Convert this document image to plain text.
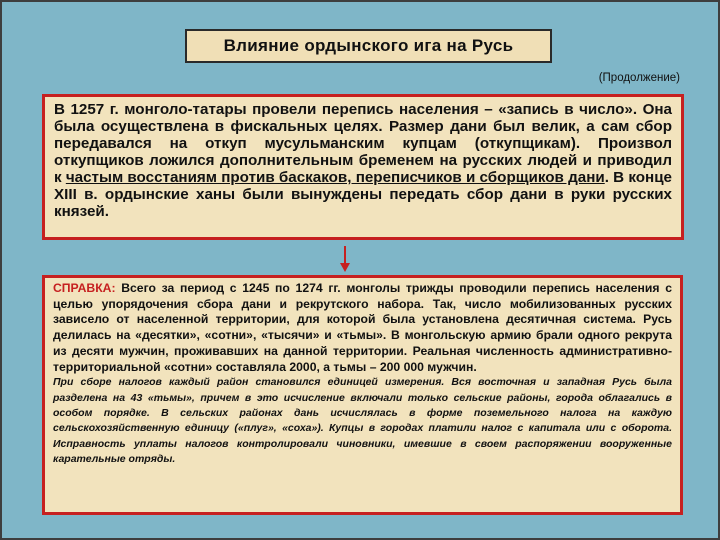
Влияние ордынского ига на Русь
(Продолжение)

В 1257 г. монголо-татары провели перепись населения – «запись в число». Она была осуществлена в фискальных целях. Размер дани был велик, а сам сбор передавался на откуп мусульманским купцам (откупщикам). Произвол откупщиков ложился дополнительным бременем на русских людей и приводил к частым восстаниям против баскаков, переписчиков и сборщиков дани. В конце XIII в. ордынские ханы были вынуждены передать сбор дани в руки русских князей.

СПРАВКА: Всего за период с 1245 по 1274 гг. монголы трижды проводили перепись населения с целью упорядочения сбора дани и рекрутского набора. Так, число мобилизованных русских зависело от населенной территории, для которой была установлена десятичная система. Русь делилась на «десятки», «сотни», «тысячи» и «тьмы». В монгольскую армию брали одного рекрута из десяти мужчин, проживавших на данной территории. Реальная численность административно-территориальной «сотни» составляла 2000, а тьмы – 200 000 мужчин.

При сборе налогов каждый район становился единицей измерения. Вся восточная и западная Русь была разделена на 43 «тьмы», причем в это исчисление включали только сельские районы, города облагались в особом порядке. В сельских районах дань исчислялась в форме поземельного налога на каждую сельскохозяйственную единицу («плуг», «соха»). Купцы в городах платили налог с капитала или с оборота. Исправность уплаты налогов контролировали чиновники, имевшие в своем распоряжении вооруженные карательные отряды.
